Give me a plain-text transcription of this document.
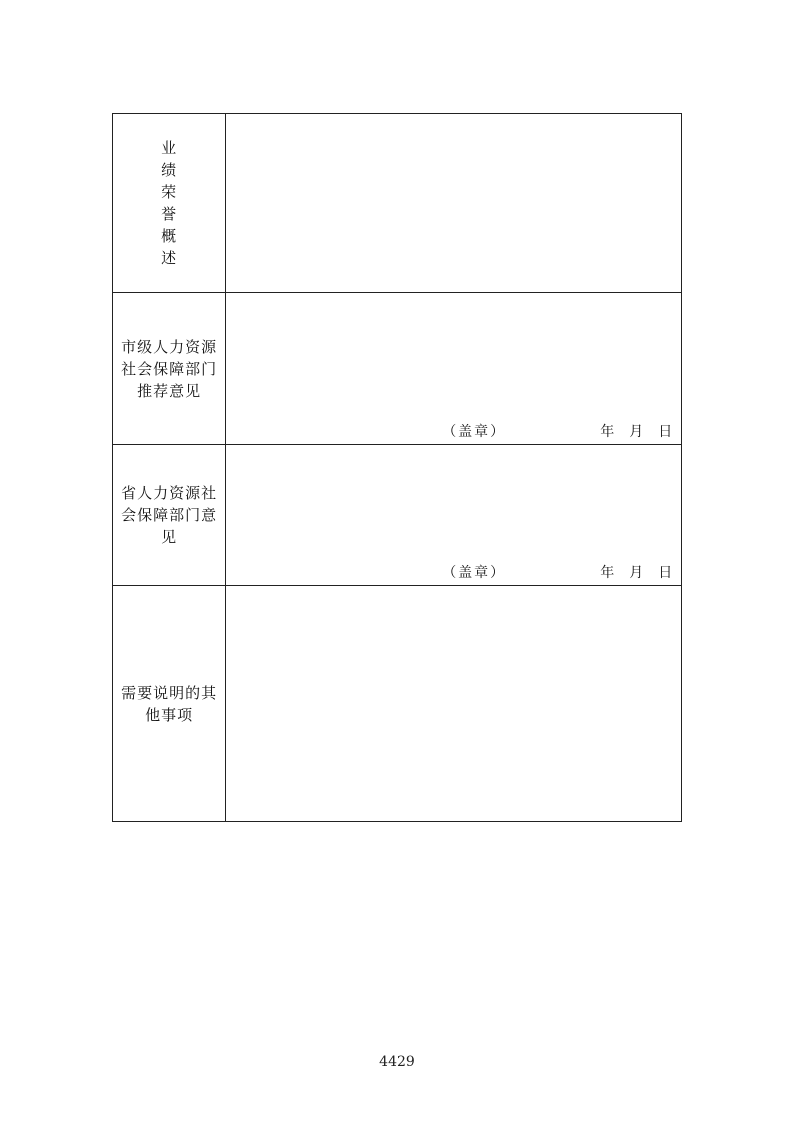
业绩荣誉概述	
市级人力资源社会保障部门推荐意见	（盖章） 年 月 日

省人力资源社会保障部门意见	（盖章） 年 月 日

需要说明的其他事项	
4429
